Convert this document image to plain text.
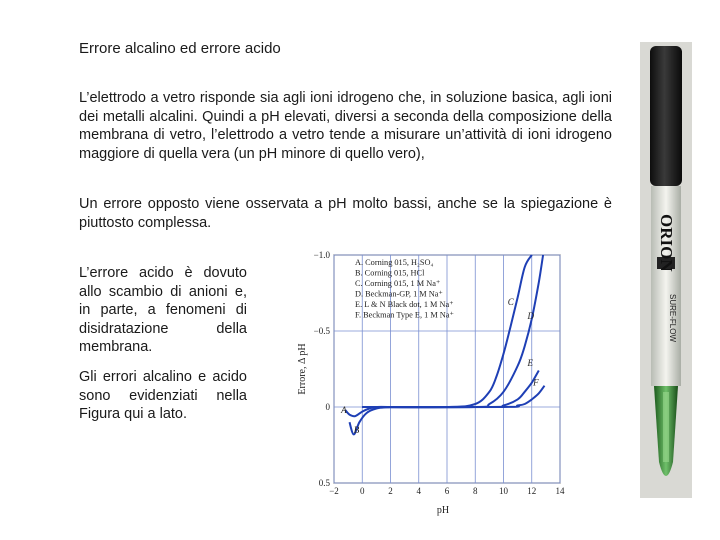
Errore alcalino ed errore acido
L’elettrodo a vetro risponde sia agli ioni idrogeno che, in soluzione basica, agli ioni dei metalli alcalini. Quindi a pH elevati, diversi a seconda della composizione della membrana di vetro, l’elettrodo a vetro tende a misurare un’attività di ioni idrogeno maggiore di quella vera (un pH minore di quello vero),
Un errore opposto viene osservata a pH molto bassi, anche se la spiegazione è piuttosto complessa.
L’errore acido è dovuto allo scambio di anioni e, in parte, a fenomeni di disidratazione della membrana.
Gli errori alcalino e acido sono evidenziati nella Figura qui a lato.
−2 0	2	4	6	8 10 12 14
−1.0
−0.5
0
0.5
pH
Errore, Δ pH
A. Corning 015, H₂SO₄
B. Corning 015, HCl
C. Corning 015, 1 M Na⁺
D. Beckman-GP, 1 M Na⁺
E. L & N Black dot, 1 M Na⁺
F. Beckman Type E, 1 M Na⁺
A
B
C
D
E
F
ORION
SURE-FLOW
